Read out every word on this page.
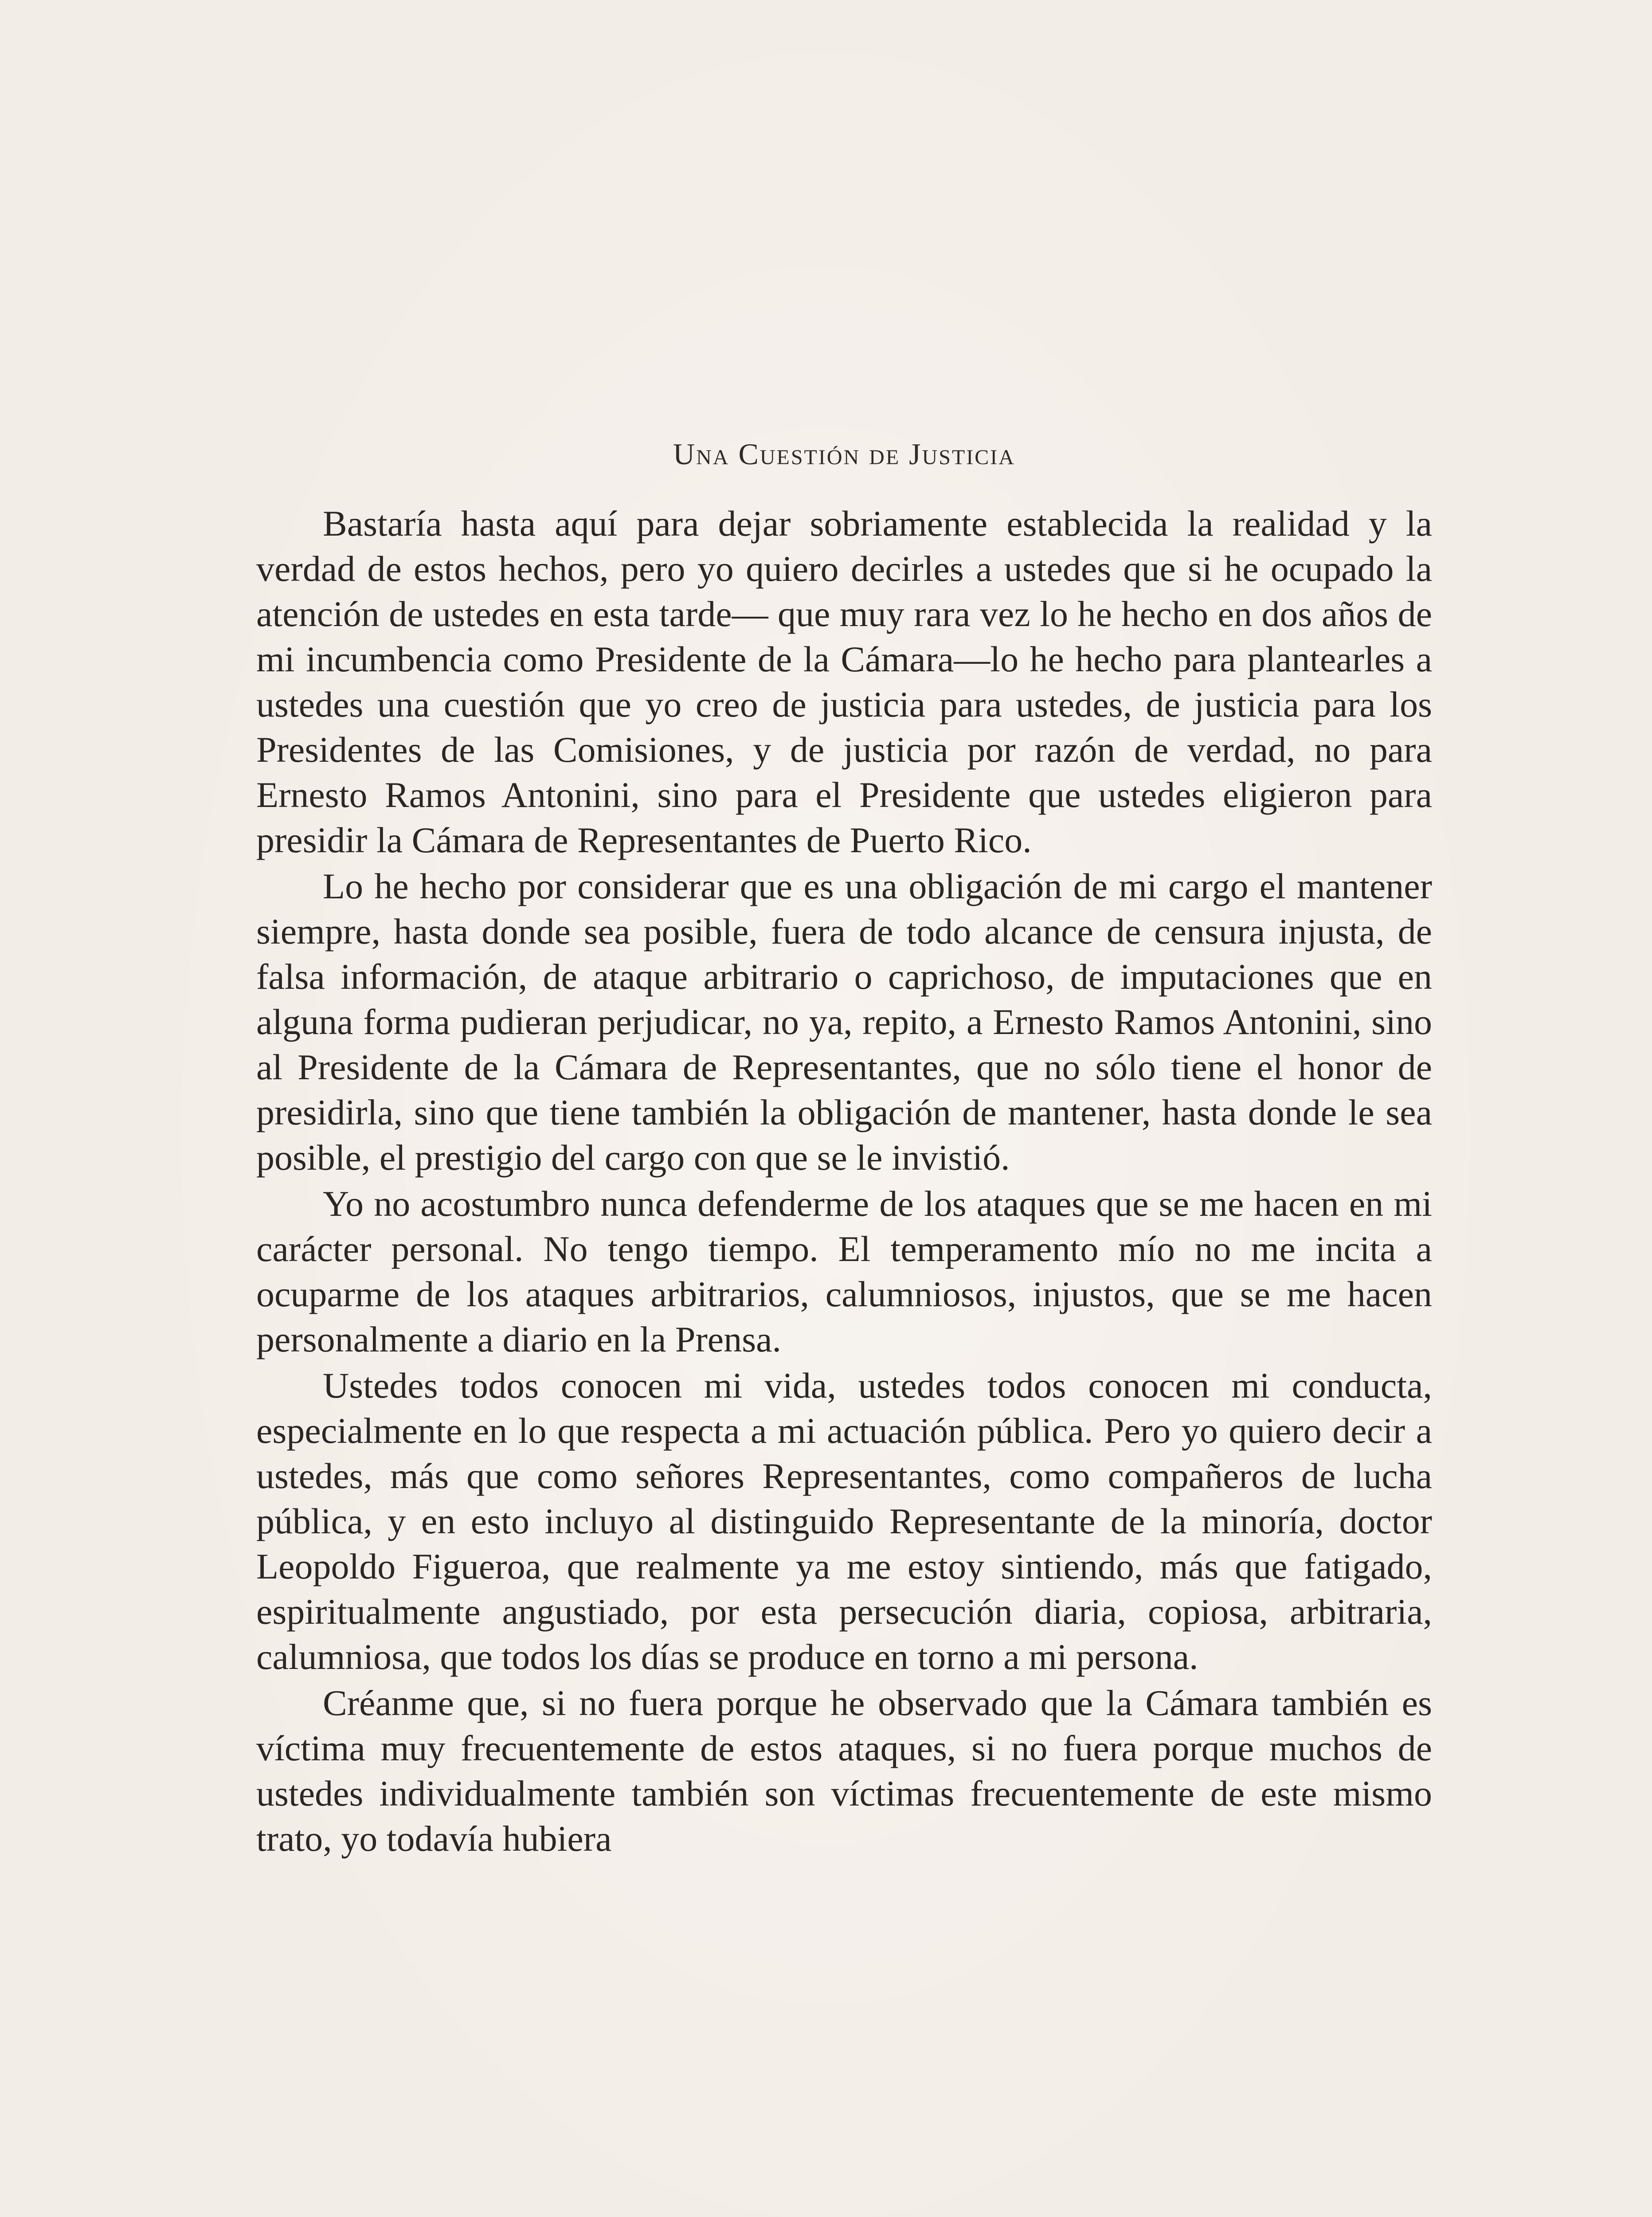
Una Cuestión de Justicia

Bastaría hasta aquí para dejar sobriamente establecida la realidad y la verdad de estos hechos, pero yo quiero decirles a ustedes que si he ocupado la atención de ustedes en esta tarde— que muy rara vez lo he hecho en dos años de mi incumbencia como Presidente de la Cámara—lo he hecho para plantearles a ustedes una cuestión que yo creo de justicia para ustedes, de justicia para los Presidentes de las Comisiones, y de justicia por razón de verdad, no para Ernesto Ramos Antonini, sino para el Presidente que ustedes eligieron para presidir la Cámara de Representantes de Puerto Rico.

Lo he hecho por considerar que es una obligación de mi cargo el mantener siempre, hasta donde sea posible, fuera de todo alcance de censura injusta, de falsa información, de ataque arbitrario o caprichoso, de imputaciones que en alguna forma pudieran perjudicar, no ya, repito, a Ernesto Ramos Antonini, sino al Presidente de la Cámara de Representantes, que no sólo tiene el honor de presidirla, sino que tiene también la obligación de mantener, hasta donde le sea posible, el prestigio del cargo con que se le invistió.

Yo no acostumbro nunca defenderme de los ataques que se me hacen en mi carácter personal. No tengo tiempo. El temperamento mío no me incita a ocuparme de los ataques arbitrarios, calumniosos, injustos, que se me hacen personalmente a diario en la Prensa.

Ustedes todos conocen mi vida, ustedes todos conocen mi conducta, especialmente en lo que respecta a mi actuación pública. Pero yo quiero decir a ustedes, más que como señores Representantes, como compañeros de lucha pública, y en esto incluyo al distinguido Representante de la minoría, doctor Leopoldo Figueroa, que realmente ya me estoy sintiendo, más que fatigado, espiritualmente angustiado, por esta persecución diaria, copiosa, arbitraria, calumniosa, que todos los días se produce en torno a mi persona.

Créanme que, si no fuera porque he observado que la Cámara también es víctima muy frecuentemente de estos ataques, si no fuera porque muchos de ustedes individualmente también son víctimas frecuentemente de este mismo trato, yo todavía hubiera
